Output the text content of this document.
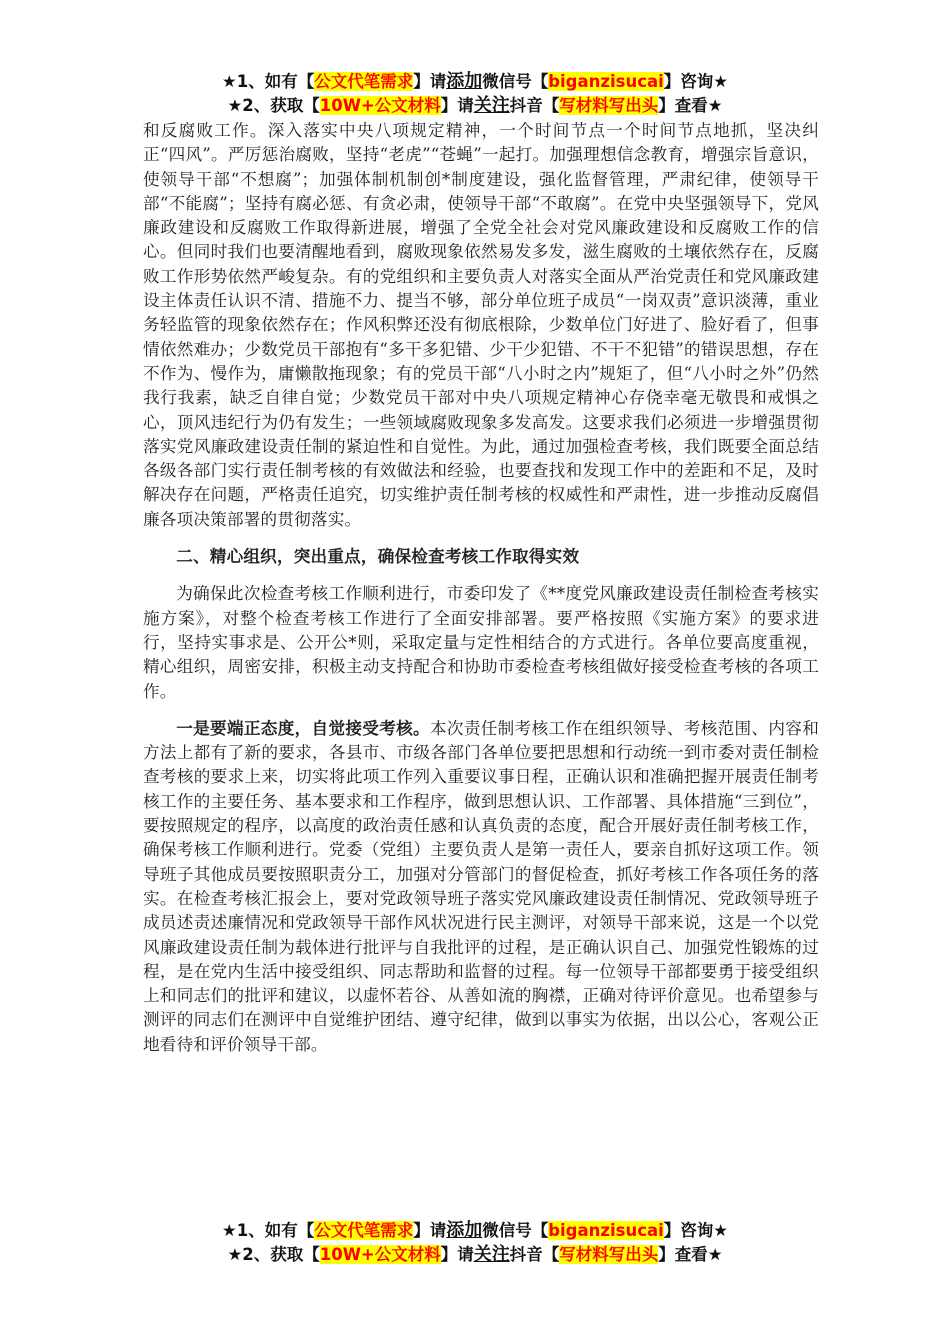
★1、如有【公文代笔需求】请添加微信号【biganzisucai】咨询★
★2、获取【10W+公文材料】请关注抖音【写材料写出头】查看★

和反腐败工作。深入落实中央八项规定精神，一个时间节点一个时间节点地抓，坚决纠正“四风”。严厉惩治腐败，坚持“老虎”“苍蝇”一起打。加强理想信念教育，增强宗旨意识，使领导干部“不想腐”；加强体制机制创*制度建设，强化监督管理，严肃纪律，使领导干部“不能腐”；坚持有腐必惩、有贪必肃，使领导干部“不敢腐”。在党中央坚强领导下，党风廉政建设和反腐败工作取得新进展，增强了全党全社会对党风廉政建设和反腐败工作的信心。但同时我们也要清醒地看到，腐败现象依然易发多发，滋生腐败的土壤依然存在，反腐败工作形势依然严峻复杂。有的党组织和主要负责人对落实全面从严治党责任和党风廉政建设主体责任认识不清、措施不力、提当不够，部分单位班子成员“一岗双责”意识淡薄，重业务轻监管的现象依然存在；作风积弊还没有彻底根除，少数单位门好进了、脸好看了，但事情依然难办；少数党员干部抱有“多干多犯错、少干少犯错、不干不犯错”的错误思想，存在不作为、慢作为，庸懒散拖现象；有的党员干部“八小时之内”规矩了，但“八小时之外”仍然我行我素，缺乏自律自觉；少数党员干部对中央八项规定精神心存侥幸毫无敬畏和戒惧之心，顶风违纪行为仍有发生；一些领域腐败现象多发高发。这要求我们必须进一步增强贯彻落实党风廉政建设责任制的紧迫性和自觉性。为此，通过加强检查考核，我们既要全面总结各级各部门实行责任制考核的有效做法和经验，也要查找和发现工作中的差距和不足，及时解决存在问题，严格责任追究，切实维护责任制考核的权威性和严肃性，进一步推动反腐倡廉各项决策部署的贯彻落实。

二、精心组织，突出重点，确保检查考核工作取得实效

为确保此次检查考核工作顺利进行，市委印发了《**度党风廉政建设责任制检查考核实施方案》，对整个检查考核工作进行了全面安排部署。要严格按照《实施方案》的要求进行，坚持实事求是、公开公*则，采取定量与定性相结合的方式进行。各单位要高度重视，精心组织，周密安排，积极主动支持配合和协助市委检查考核组做好接受检查考核的各项工作。

一是要端正态度，自觉接受考核。本次责任制考核工作在组织领导、考核范围、内容和方法上都有了新的要求，各县市、市级各部门各单位要把思想和行动统一到市委对责任制检查考核的要求上来，切实将此项工作列入重要议事日程，正确认识和准确把握开展责任制考核工作的主要任务、基本要求和工作程序，做到思想认识、工作部署、具体措施“三到位”，要按照规定的程序，以高度的政治责任感和认真负责的态度，配合开展好责任制考核工作，确保考核工作顺利进行。党委（党组）主要负责人是第一责任人，要亲自抓好这项工作。领导班子其他成员要按照职责分工，加强对分管部门的督促检查，抓好考核工作各项任务的落实。在检查考核汇报会上，要对党政领导班子落实党风廉政建设责任制情况、党政领导班子成员述责述廉情况和党政领导干部作风状况进行民主测评，对领导干部来说，这是一个以党风廉政建设责任制为载体进行批评与自我批评的过程，是正确认识自己、加强党性锻炼的过程，是在党内生活中接受组织、同志帮助和监督的过程。每一位领导干部都要勇于接受组织上和同志们的批评和建议，以虚怀若谷、从善如流的胸襟，正确对待评价意见。也希望参与测评的同志们在测评中自觉维护团结、遵守纪律，做到以事实为依据，出以公心，客观公正地看待和评价领导干部。

★1、如有【公文代笔需求】请添加微信号【biganzisucai】咨询★
★2、获取【10W+公文材料】请关注抖音【写材料写出头】查看★
